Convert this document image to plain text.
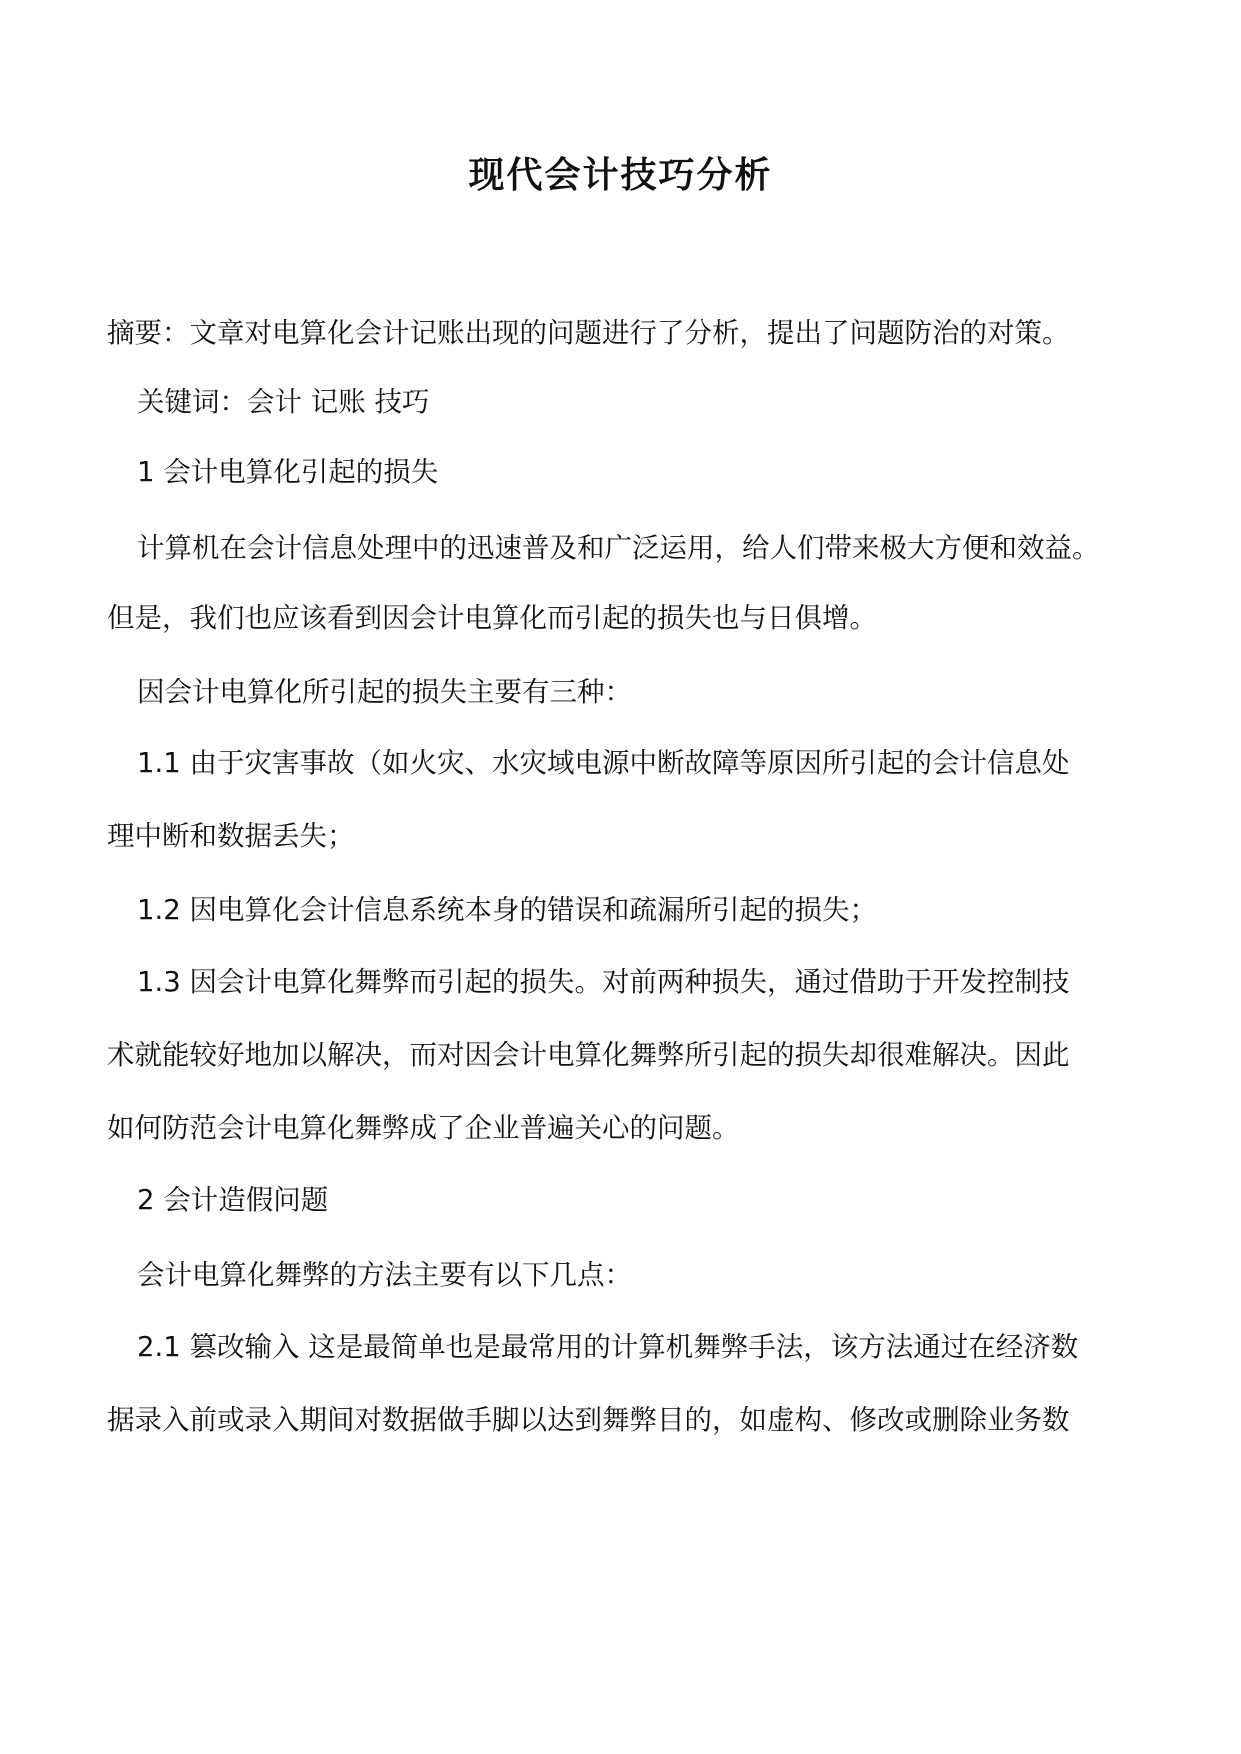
现代会计技巧分析
摘要：文章对电算化会计记账出现的问题进行了分析，提出了问题防治的对策。
关键词：会计 记账 技巧
1 会计电算化引起的损失
计算机在会计信息处理中的迅速普及和广泛运用，给人们带来极大方便和效益。
但是，我们也应该看到因会计电算化而引起的损失也与日俱增。
因会计电算化所引起的损失主要有三种：
1.1 由于灾害事故（如火灾、水灾域电源中断故障等原因所引起的会计信息处
理中断和数据丢失；
1.2 因电算化会计信息系统本身的错误和疏漏所引起的损失；
1.3 因会计电算化舞弊而引起的损失。对前两种损失，通过借助于开发控制技
术就能较好地加以解决，而对因会计电算化舞弊所引起的损失却很难解决。因此
如何防范会计电算化舞弊成了企业普遍关心的问题。
2 会计造假问题
会计电算化舞弊的方法主要有以下几点：
2.1 篡改输入 这是最简单也是最常用的计算机舞弊手法，该方法通过在经济数
据录入前或录入期间对数据做手脚以达到舞弊目的，如虚构、修改或删除业务数
